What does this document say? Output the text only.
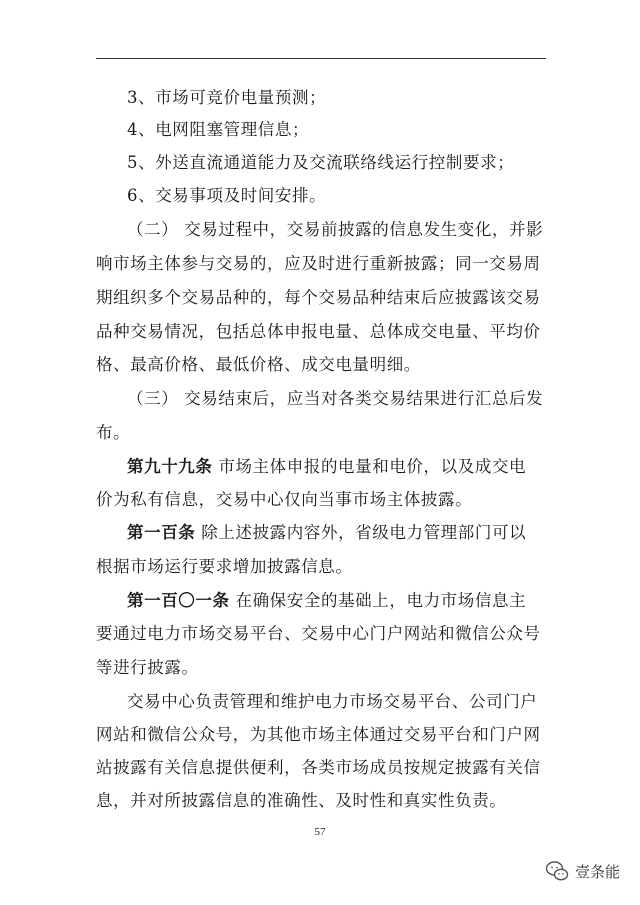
3、市场可竞价电量预测；
4、电网阻塞管理信息；
5、外送直流通道能力及交流联络线运行控制要求；
6、交易事项及时间安排。
（二） 交易过程中，交易前披露的信息发生变化，并影
响市场主体参与交易的，应及时进行重新披露；同一交易周
期组织多个交易品种的，每个交易品种结束后应披露该交易
品种交易情况，包括总体申报电量、总体成交电量、平均价
格、最高价格、最低价格、成交电量明细。
（三） 交易结束后，应当对各类交易结果进行汇总后发
布。
第九十九条 市场主体申报的电量和电价，以及成交电
价为私有信息，交易中心仅向当事市场主体披露。
第一百条 除上述披露内容外，省级电力管理部门可以
根据市场运行要求增加披露信息。
第一百〇一条 在确保安全的基础上，电力市场信息主
要通过电力市场交易平台、交易中心门户网站和微信公众号
等进行披露。
交易中心负责管理和维护电力市场交易平台、公司门户
网站和微信公众号，为其他市场主体通过交易平台和门户网
站披露有关信息提供便利，各类市场成员按规定披露有关信
息，并对所披露信息的准确性、及时性和真实性负责。
57
壹条能
